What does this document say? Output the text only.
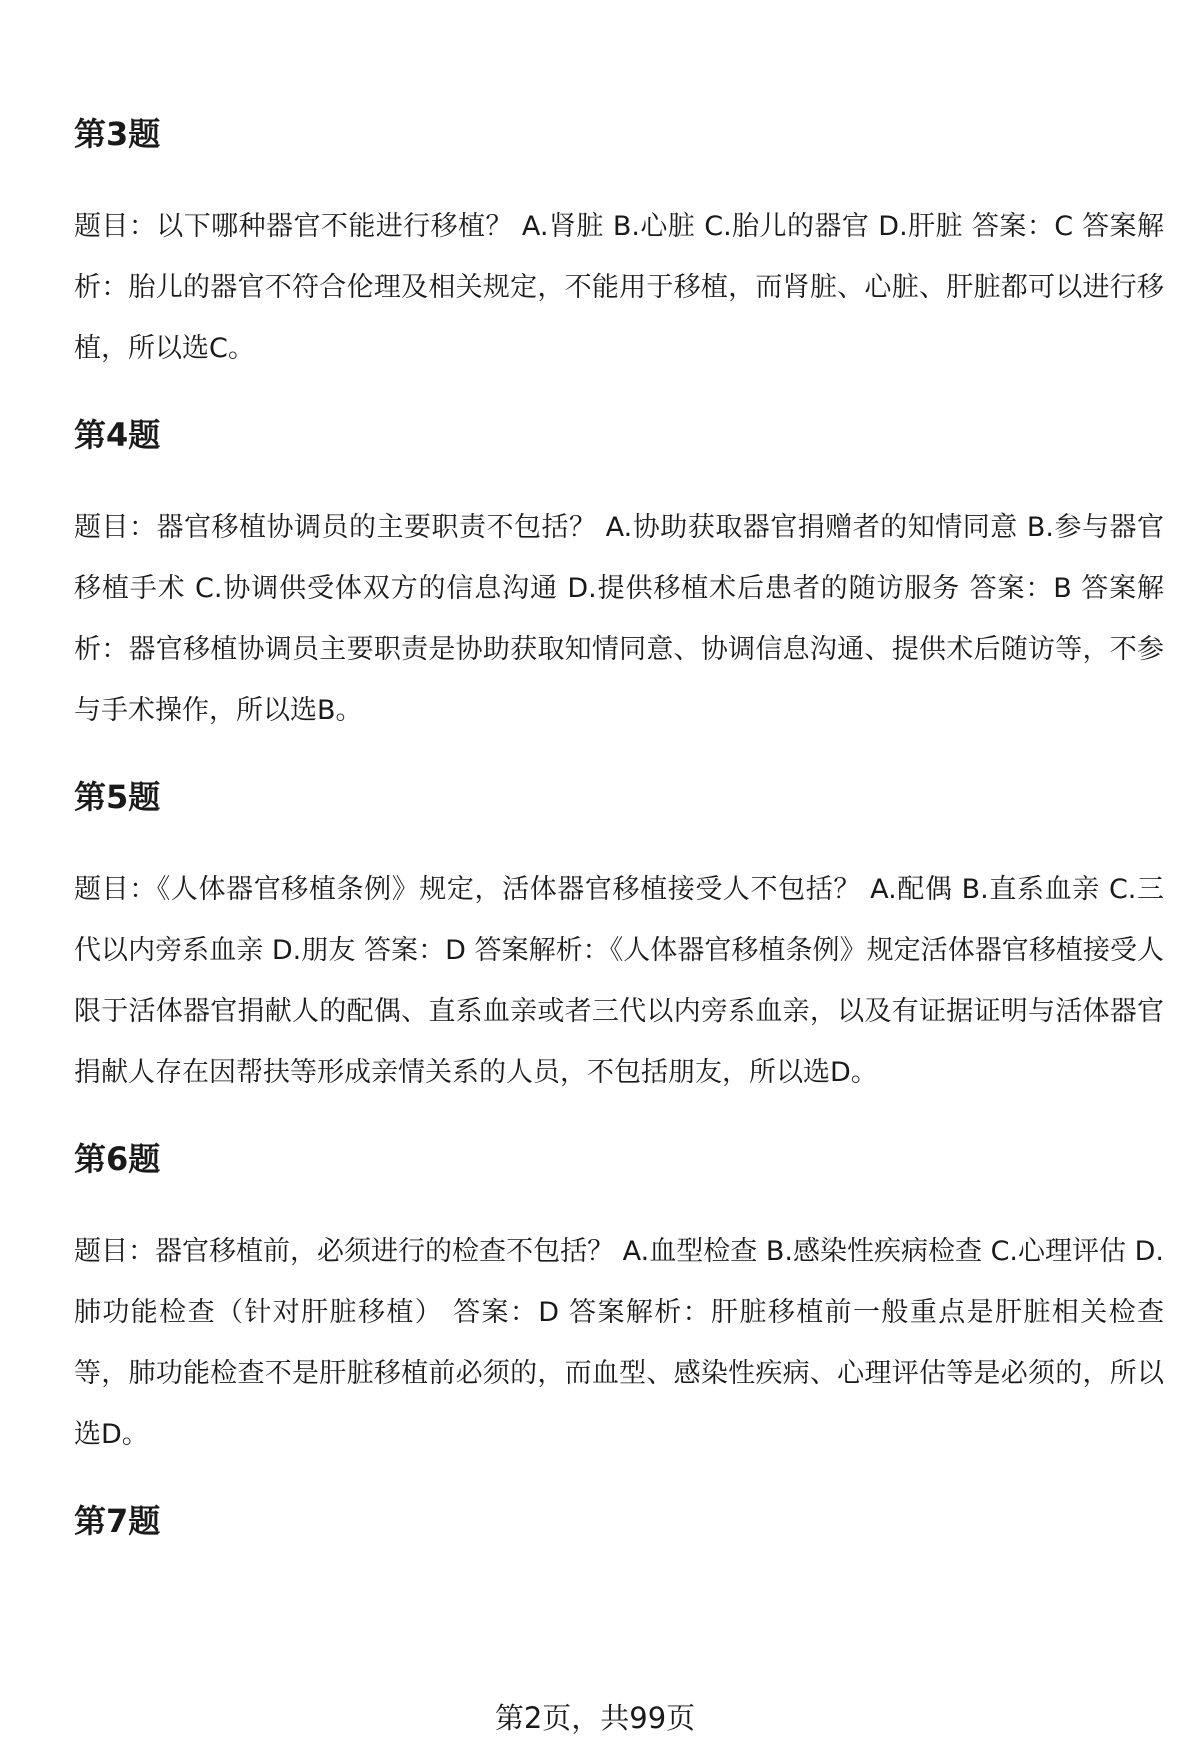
第3题
题目：以下哪种器官不能进行移植？ A.肾脏 B.心脏 C.胎儿的器官 D.肝脏 答案：C 答案解析：胎儿的器官不符合伦理及相关规定，不能用于移植，而肾脏、心脏、肝脏都可以进行移植，所以选C。
第4题
题目：器官移植协调员的主要职责不包括？ A.协助获取器官捐赠者的知情同意 B.参与器官移植手术 C.协调供受体双方的信息沟通 D.提供移植术后患者的随访服务 答案：B 答案解析：器官移植协调员主要职责是协助获取知情同意、协调信息沟通、提供术后随访等，不参与手术操作，所以选B。
第5题
题目：《人体器官移植条例》规定，活体器官移植接受人不包括？ A.配偶 B.直系血亲 C.三代以内旁系血亲 D.朋友 答案：D 答案解析：《人体器官移植条例》规定活体器官移植接受人限于活体器官捐献人的配偶、直系血亲或者三代以内旁系血亲，以及有证据证明与活体器官捐献人存在因帮扶等形成亲情关系的人员，不包括朋友，所以选D。
第6题
题目：器官移植前，必须进行的检查不包括？ A.血型检查 B.感染性疾病检查 C.心理评估 D.肺功能检查（针对肝脏移植） 答案：D 答案解析：肝脏移植前一般重点是肝脏相关检查等，肺功能检查不是肝脏移植前必须的，而血型、感染性疾病、心理评估等是必须的，所以选D。
第7题
第2页，共99页
